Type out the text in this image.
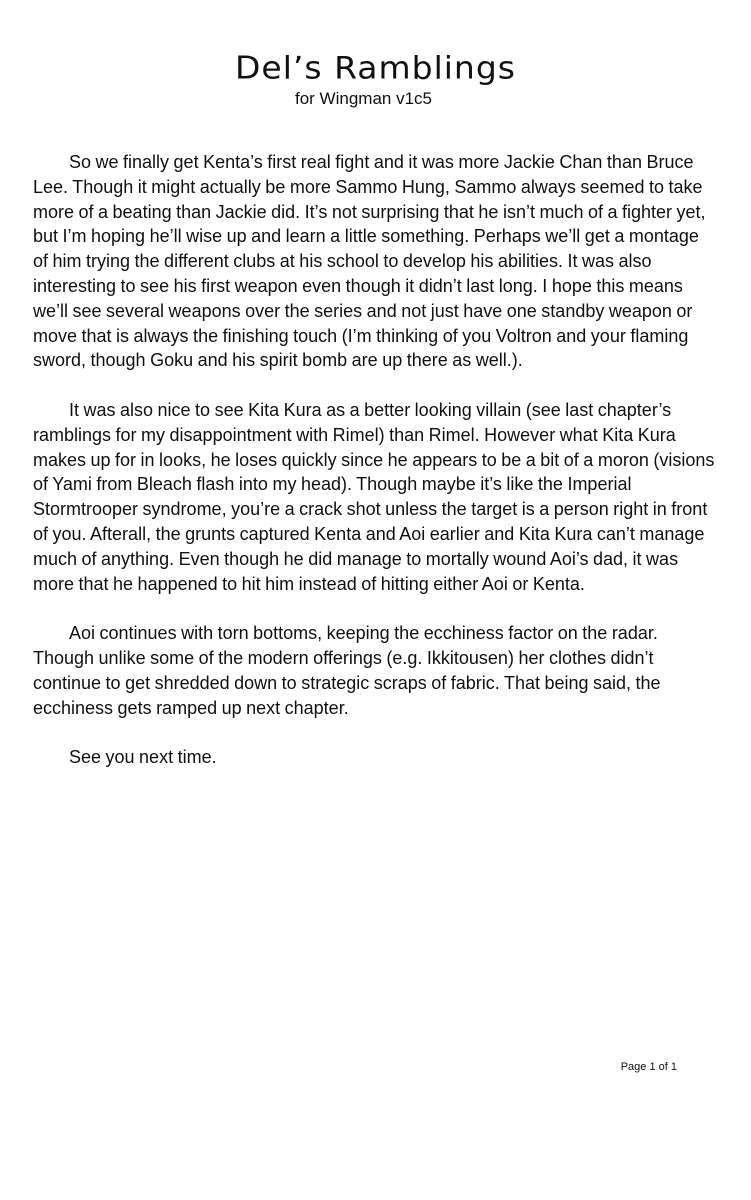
Del’s Ramblings
for Wingman v1c5

So we finally get Kenta’s first real fight and it was more Jackie Chan than Bruce Lee. Though it might actually be more Sammo Hung, Sammo always seemed to take more of a beating than Jackie did. It’s not surprising that he isn’t much of a fighter yet, but I’m hoping he’ll wise up and learn a little something. Perhaps we’ll get a montage of him trying the different clubs at his school to develop his abilities. It was also interesting to see his first weapon even though it didn’t last long. I hope this means we’ll see several weapons over the series and not just have one standby weapon or move that is always the finishing touch (I’m thinking of you Voltron and your flaming sword, though Goku and his spirit bomb are up there as well.).

It was also nice to see Kita Kura as a better looking villain (see last chapter’s ramblings for my disappointment with Rimel) than Rimel. However what Kita Kura makes up for in looks, he loses quickly since he appears to be a bit of a moron (visions of Yami from Bleach flash into my head). Though maybe it’s like the Imperial Stormtrooper syndrome, you’re a crack shot unless the target is a person right in front of you. Afterall, the grunts captured Kenta and Aoi earlier and Kita Kura can’t manage much of anything. Even though he did manage to mortally wound Aoi’s dad, it was more that he happened to hit him instead of hitting either Aoi or Kenta.

Aoi continues with torn bottoms, keeping the ecchiness factor on the radar. Though unlike some of the modern offerings (e.g. Ikkitousen) her clothes didn’t continue to get shredded down to strategic scraps of fabric. That being said, the ecchiness gets ramped up next chapter.

See you next time.

Page 1 of 1
